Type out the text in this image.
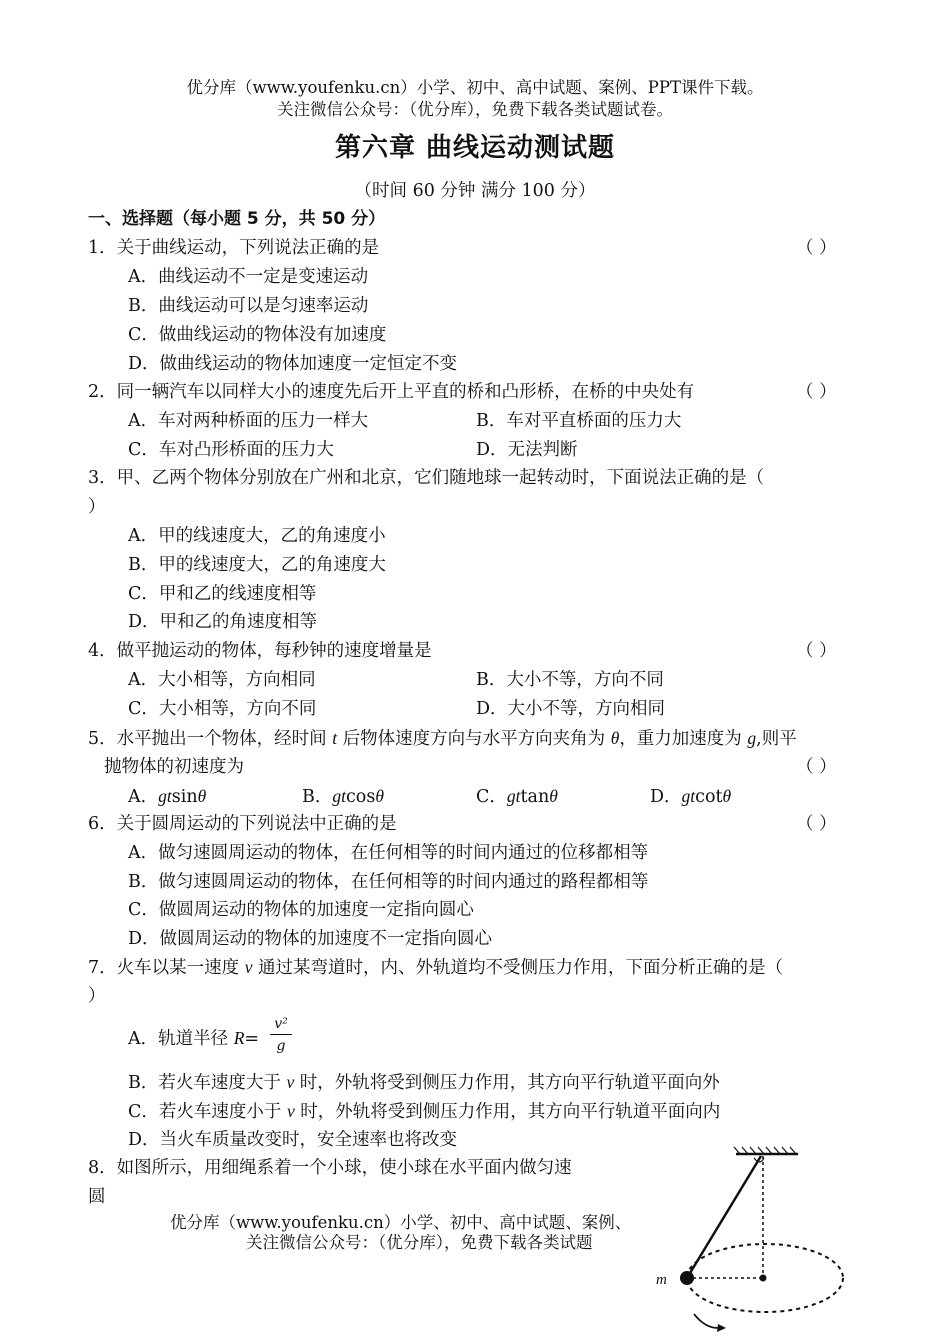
优分库（www.youfenku.cn）小学、初中、高中试题、案例、PPT课件下载。
关注微信公众号：（优分库），免费下载各类试题试卷。
第六章 曲线运动测试题
（时间 60 分钟 满分 100 分）
一、选择题（每小题 5 分，共 50 分）
1．关于曲线运动，下列说法正确的是	（ ）
A．曲线运动不一定是变速运动
B．曲线运动可以是匀速率运动
C．做曲线运动的物体没有加速度
D．做曲线运动的物体加速度一定恒定不变
2．同一辆汽车以同样大小的速度先后开上平直的桥和凸形桥，在桥的中央处有	（ ）
A．车对两种桥面的压力一样大	B．车对平直桥面的压力大
C．车对凸形桥面的压力大	D．无法判断
3．甲、乙两个物体分别放在广州和北京，它们随地球一起转动时，下面说法正确的是（
）
A．甲的线速度大，乙的角速度小
B．甲的线速度大，乙的角速度大
C．甲和乙的线速度相等
D．甲和乙的角速度相等
4．做平抛运动的物体，每秒钟的速度增量是	（ ）
A．大小相等，方向相同	B．大小不等，方向不同
C．大小相等，方向不同	D．大小不等，方向相同
5．水平抛出一个物体，经时间 t 后物体速度方向与水平方向夹角为 θ，重力加速度为 g,则平
抛物体的初速度为	（ ）
A．gtsinθ	B．gtcosθ	C．gttanθ	D．gtcotθ
6．关于圆周运动的下列说法中正确的是	（ ）
A．做匀速圆周运动的物体，在任何相等的时间内通过的位移都相等
B．做匀速圆周运动的物体，在任何相等的时间内通过的路程都相等
C．做圆周运动的物体的加速度一定指向圆心
D．做圆周运动的物体的加速度不一定指向圆心
7．火车以某一速度 v 通过某弯道时，内、外轨道均不受侧压力作用，下面分析正确的是（
）
A．轨道半径 R=
v²
g
B．若火车速度大于 v 时，外轨将受到侧压力作用，其方向平行轨道平面向外
C．若火车速度小于 v 时，外轨将受到侧压力作用，其方向平行轨道平面向内
D．当火车质量改变时，安全速率也将改变
8．如图所示，用细绳系着一个小球，使小球在水平面内做匀速
圆
优分库（www.youfenku.cn）小学、初中、高中试题、案例、
关注微信公众号：（优分库），免费下载各类试题
m
